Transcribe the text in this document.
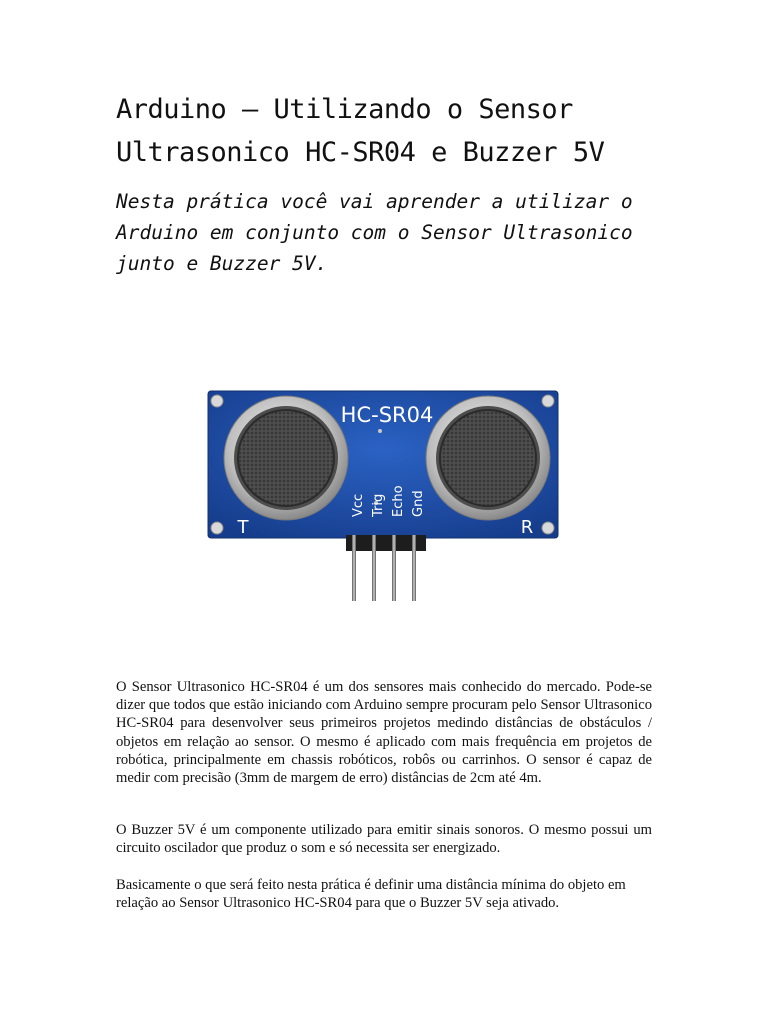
Arduino – Utilizando o Sensor Ultrasonico HC-SR04 e Buzzer 5V

Nesta prática você vai aprender a utilizar o Arduino em conjunto com o Sensor Ultrasonico junto e Buzzer 5V.

HC-SR04
T	R
Vcc Trig Echo Gnd

O Sensor Ultrasonico HC-SR04 é um dos sensores mais conhecido do mercado. Pode-se dizer que todos que estão iniciando com Arduino sempre procuram pelo Sensor Ultrasonico HC-SR04 para desenvolver seus primeiros projetos medindo distâncias de obstáculos / objetos em relação ao sensor. O mesmo é aplicado com mais frequência em projetos de robótica, principalmente em chassis robóticos, robôs ou carrinhos. O sensor é capaz de medir com precisão (3mm de margem de erro) distâncias de 2cm até 4m.

O Buzzer 5V é um componente utilizado para emitir sinais sonoros. O mesmo possui um circuito oscilador que produz o som e só necessita ser energizado.

Basicamente o que será feito nesta prática é definir uma distância mínima do objeto em relação ao Sensor Ultrasonico HC-SR04 para que o Buzzer 5V seja ativado.
